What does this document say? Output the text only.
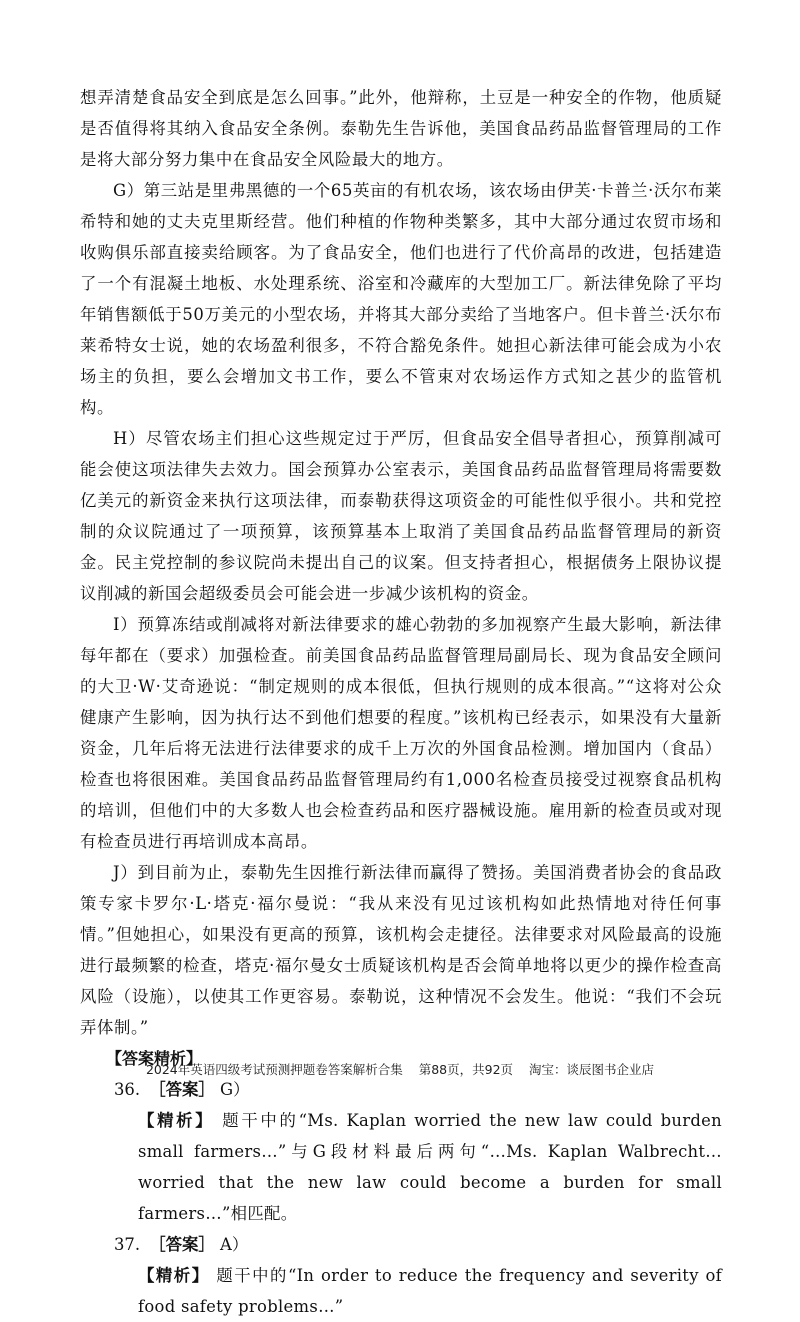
想弄清楚食品安全到底是怎么回事。”此外，他辩称，土豆是一种安全的作物，他质疑是否值得将其纳入食品安全条例。泰勒先生告诉他，美国食品药品监督管理局的工作是将大部分努力集中在食品安全风险最大的地方。

G）第三站是里弗黑德的一个65英亩的有机农场，该农场由伊芙·卡普兰·沃尔布莱希特和她的丈夫克里斯经营。他们种植的作物种类繁多，其中大部分通过农贸市场和收购俱乐部直接卖给顾客。为了食品安全，他们也进行了代价高昂的改进，包括建造了一个有混凝土地板、水处理系统、浴室和冷藏库的大型加工厂。新法律免除了平均年销售额低于50万美元的小型农场，并将其大部分卖给了当地客户。但卡普兰·沃尔布莱希特女士说，她的农场盈利很多，不符合豁免条件。她担心新法律可能会成为小农场主的负担，要么会增加文书工作，要么不管束对农场运作方式知之甚少的监管机构。

H）尽管农场主们担心这些规定过于严厉，但食品安全倡导者担心，预算削减可能会使这项法律失去效力。国会预算办公室表示，美国食品药品监督管理局将需要数亿美元的新资金来执行这项法律，而泰勒获得这项资金的可能性似乎很小。共和党控制的众议院通过了一项预算，该预算基本上取消了美国食品药品监督管理局的新资金。民主党控制的参议院尚未提出自己的议案。但支持者担心，根据债务上限协议提议削减的新国会超级委员会可能会进一步减少该机构的资金。

I）预算冻结或削减将对新法律要求的雄心勃勃的多加视察产生最大影响，新法律每年都在（要求）加强检查。前美国食品药品监督管理局副局长、现为食品安全顾问的大卫·W·艾奇逊说：“制定规则的成本很低，但执行规则的成本很高。”“这将对公众健康产生影响，因为执行达不到他们想要的程度。”该机构已经表示，如果没有大量新资金，几年后将无法进行法律要求的成千上万次的外国食品检测。增加国内（食品）检查也将很困难。美国食品药品监督管理局约有1,000名检查员接受过视察食品机构的培训，但他们中的大多数人也会检查药品和医疗器械设施。雇用新的检查员或对现有检查员进行再培训成本高昂。

J）到目前为止，泰勒先生因推行新法律而赢得了赞扬。美国消费者协会的食品政策专家卡罗尔·L·塔克·福尔曼说：“我从来没有见过该机构如此热情地对待任何事情。”但她担心，如果没有更高的预算，该机构会走捷径。法律要求对风险最高的设施进行最频繁的检查，塔克·福尔曼女士质疑该机构是否会简单地将以更少的操作检查高风险（设施），以使其工作更容易。泰勒说，这种情况不会发生。他说：“我们不会玩弄体制。”

【答案精析】

36. ［答案］ G）

【精析】 题干中的“Ms. Kaplan worried the new law could burden small farmers…”与G段材料最后两句“…Ms. Kaplan Walbrecht…worried that the new law could become a burden for small farmers…”相匹配。

37. ［答案］ A）

【精析】 题干中的“In order to reduce the frequency and severity of food safety problems…”

2024年英语四级考试预测押题卷答案解析合集 第88页，共92页 淘宝：谈辰图书企业店
